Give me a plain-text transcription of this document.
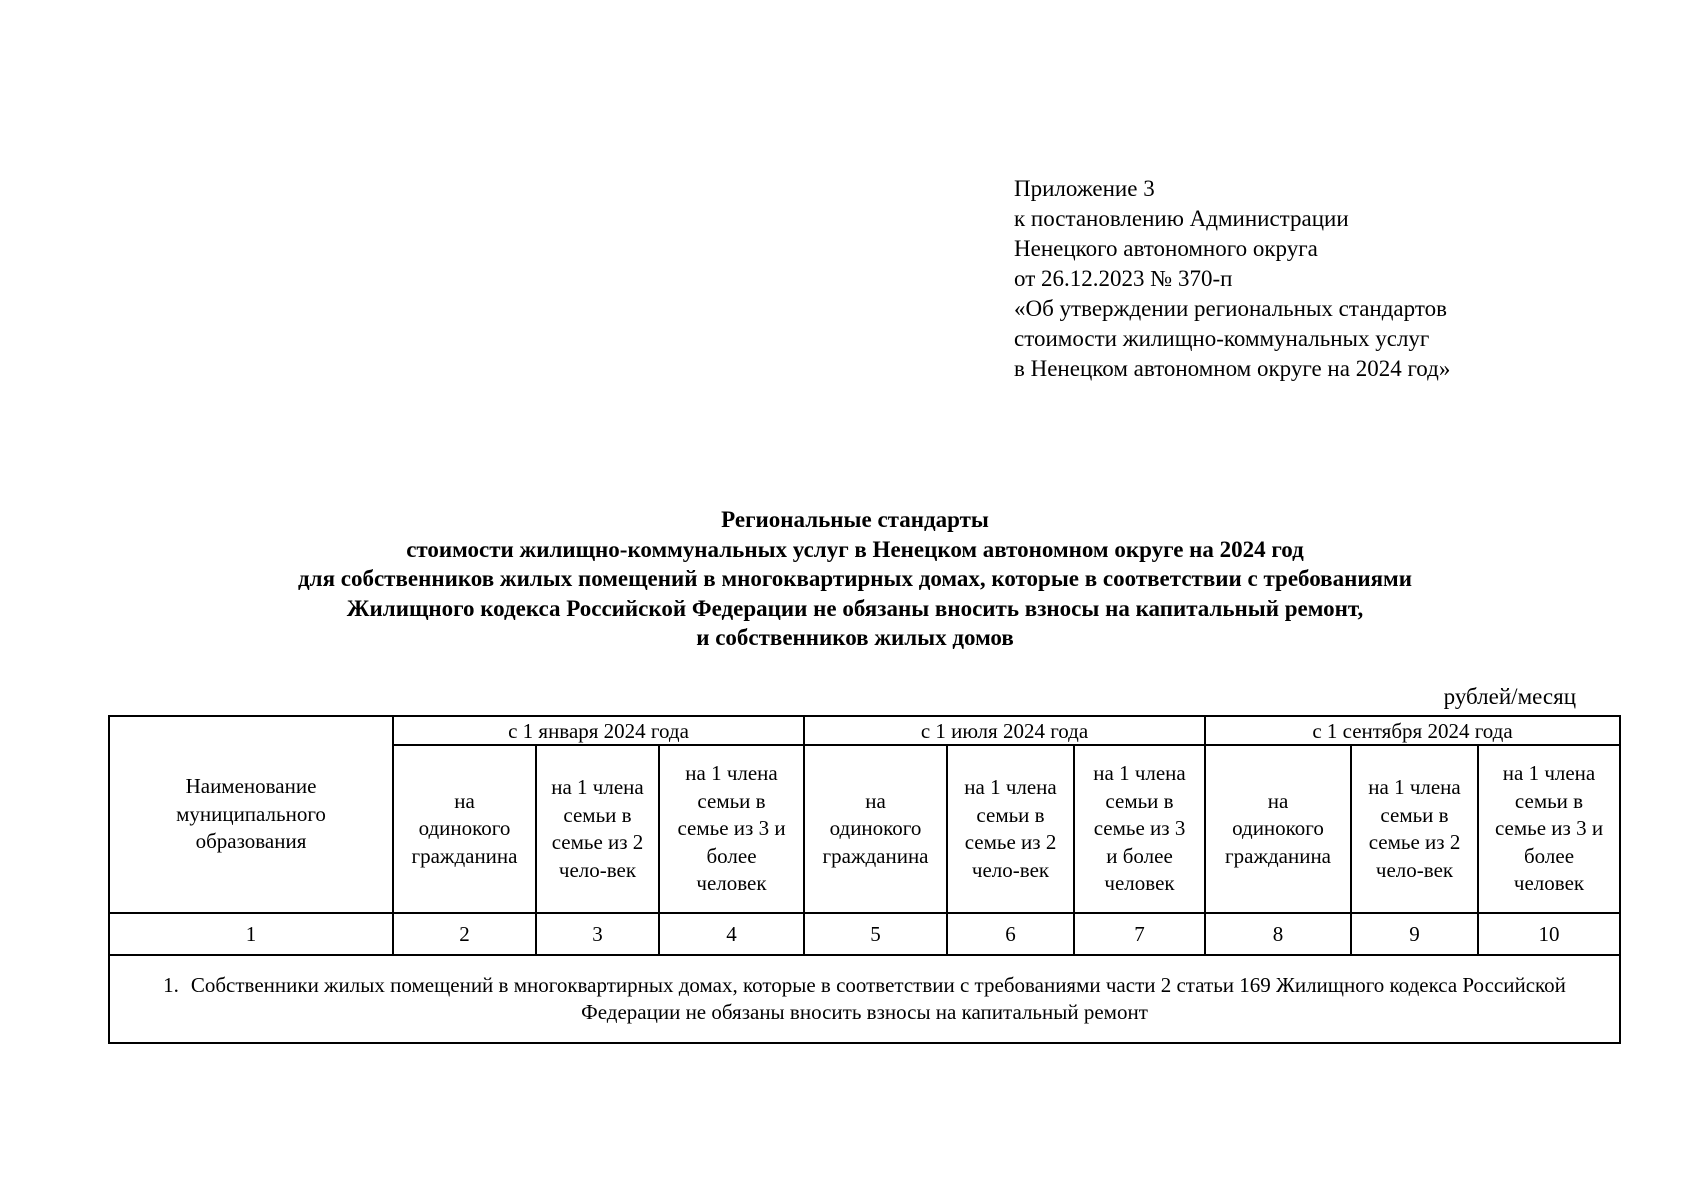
Приложение 3
к постановлению Администрации
Ненецкого автономного округа
от 26.12.2023 № 370-п
«Об утверждении региональных стандартов
стоимости жилищно-коммунальных услуг
в Ненецком автономном округе на 2024 год»
Региональные стандарты
стоимости жилищно-коммунальных услуг в Ненецком автономном округе на 2024 год
для собственников жилых помещений в многоквартирных домах, которые в соответствии с требованиями
Жилищного кодекса Российской Федерации не обязаны вносить взносы на капитальный ремонт,
и собственников жилых домов
рублей/месяц
Наименование муниципального образования	с 1 января 2024 года			с 1 июля 2024 года			с 1 сентября 2024 года		
	на одинокого гражданина	на 1 члена семьи в семье из 2 чело-век	на 1 члена семьи в семье из 3 и более человек	на одинокого гражданина	на 1 члена семьи в семье из 2 чело-век	на 1 члена семьи в семье из 3 и более человек	на одинокого гражданина	на 1 члена семьи в семье из 2 чело-век	на 1 члена семьи в семье из 3 и более человек
1	2	3	4	5	6	7	8	9	10
1. Собственники жилых помещений в многоквартирных домах, которые в соответствии с требованиями части 2 статьи 169 Жилищного кодекса Российской Федерации не обязаны вносить взносы на капитальный ремонт									
